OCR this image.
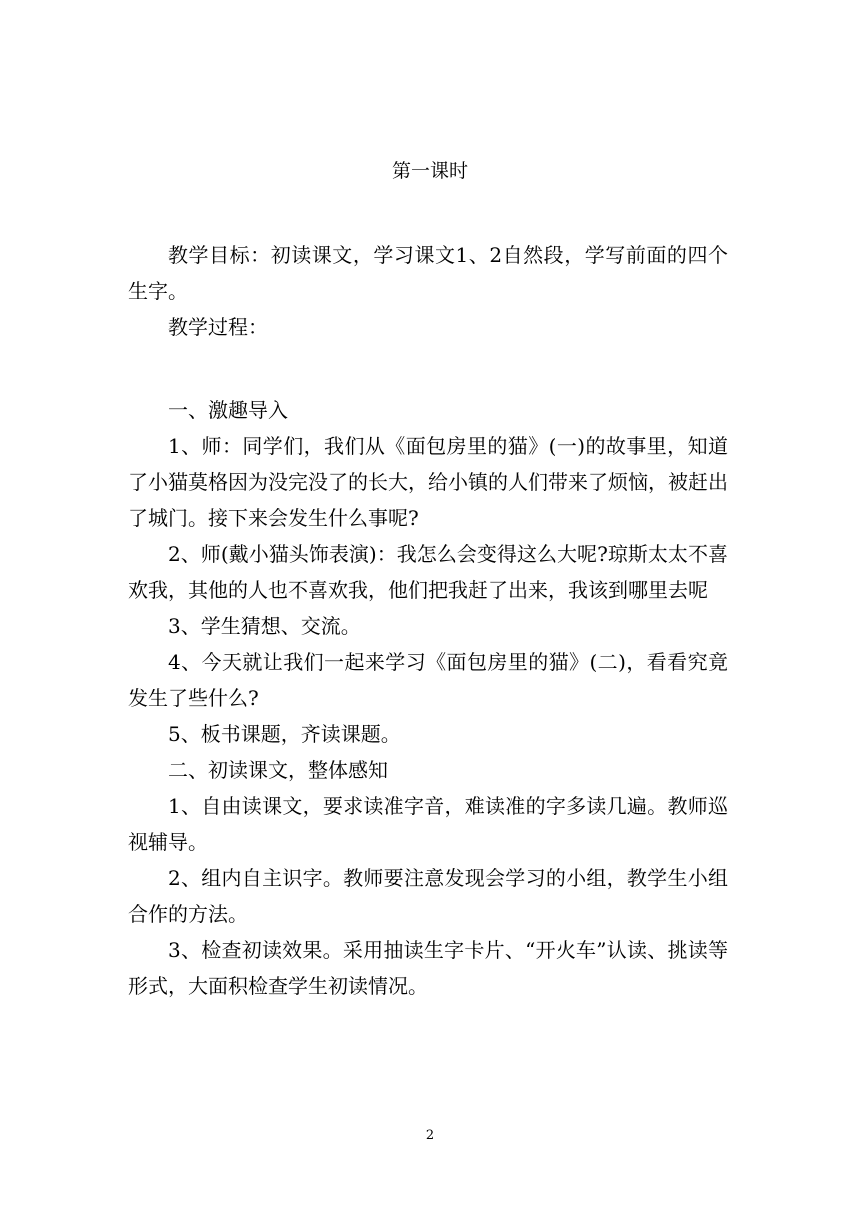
第一课时

教学目标：初读课文，学习课文1、2自然段，学写前面的四个生字。

教学过程：

一、激趣导入

1、师：同学们，我们从《面包房里的猫》(一)的故事里，知道了小猫莫格因为没完没了的长大，给小镇的人们带来了烦恼，被赶出了城门。接下来会发生什么事呢?

2、师(戴小猫头饰表演)：我怎么会变得这么大呢?琼斯太太不喜欢我，其他的人也不喜欢我，他们把我赶了出来，我该到哪里去呢

3、学生猜想、交流。

4、今天就让我们一起来学习《面包房里的猫》(二)，看看究竟发生了些什么?

5、板书课题，齐读课题。

二、初读课文，整体感知

1、自由读课文，要求读准字音，难读准的字多读几遍。教师巡视辅导。

2、组内自主识字。教师要注意发现会学习的小组，教学生小组合作的方法。

3、检查初读效果。采用抽读生字卡片、“开火车”认读、挑读等形式，大面积检查学生初读情况。

2
